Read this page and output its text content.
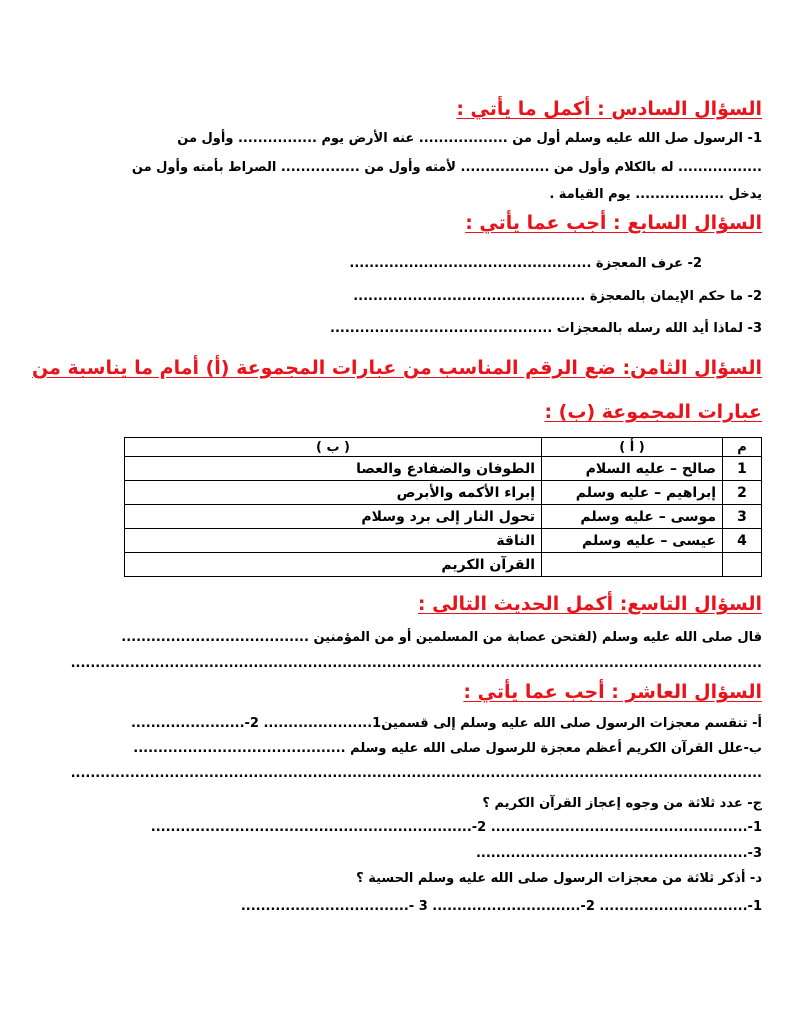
السؤال السادس : أكمل ما يأتي :
1- الرسول صل الله عليه وسلم أول من .................. عنه الأرض يوم ................ وأول من
................. له بالكلام وأول من .................. لأمته وأول من ................ الصراط بأمته وأول من
يدخل .................. يوم القيامة .
السؤال السابع : أجب عما يأتي :
2- عرف المعجزة .................................................
2- ما حكم الإيمان بالمعجزة ...............................................
3- لماذا أيد الله رسله بالمعجزات .............................................
السؤال الثامن: ضع الرقم المناسب من عبارات المجموعة (أ) أمام ما يناسبة من
عبارات المجموعة (ب) :
م	( أ )	( ب )
1	صالح – عليه السلام	الطوفان والضفادع والعصا
2	إبراهيم – عليه وسلم	إبراء الأكمه والأبرص
3	موسى – عليه وسلم	تحول النار إلى برد وسلام
4	عيسى – عليه وسلم	الناقة
		القرآن الكريم
السؤال التاسع: أكمل الحديث التالى :
قال صلى الله عليه وسلم (لفتحن عصابة من المسلمين أو من المؤمنين ......................................
............................................................................................................................................
السؤال العاشر : أجب عما يأتي :
أ- تنقسم معجزات الرسول صلى الله عليه وسلم إلى قسمين1...................... 2-.......................
ب-علل القرآن الكريم أعظم معجزة للرسول صلى الله عليه وسلم ...........................................
............................................................................................................................................
ج- عدد ثلاثة من وجوه إعجاز القرآن الكريم ؟
1-.................................................... 2-.................................................................
3-.......................................................
د- أذكر ثلاثة من معجزات الرسول صلى الله عليه وسلم الحسية ؟
1-.............................. 2-.............................. 3 -..................................
